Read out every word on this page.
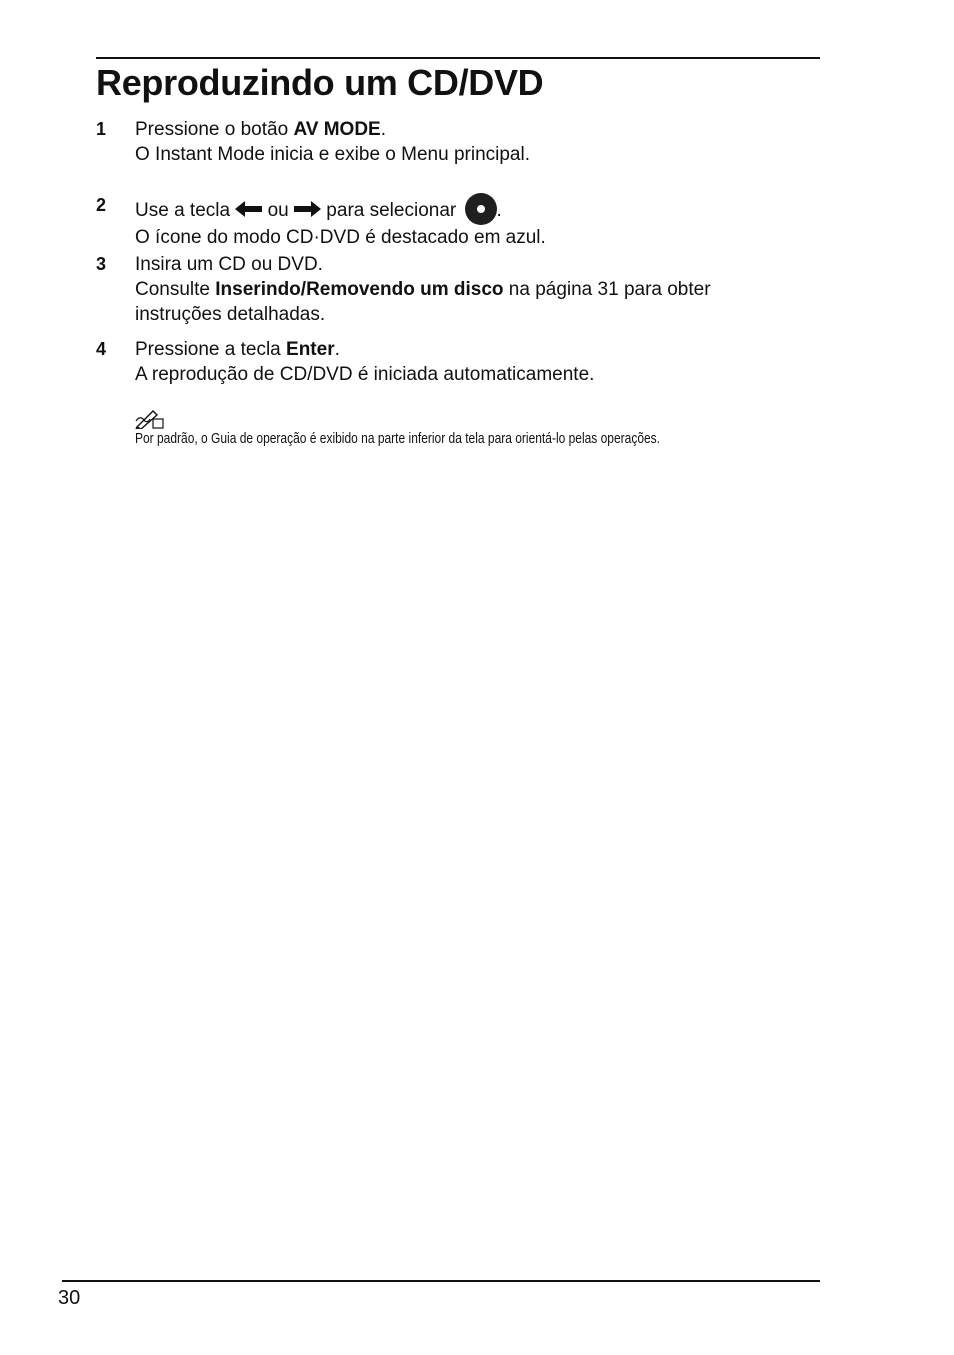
Reproduzindo um CD/DVD
1 Pressione o botão AV MODE.
O Instant Mode inicia e exibe o Menu principal.
2 Use a tecla  ou  para selecionar .
O ícone do modo CD·DVD é destacado em azul.
3 Insira um CD ou DVD.
Consulte Inserindo/Removendo um disco na página 31 para obter
instruções detalhadas.
4 Pressione a tecla Enter.
A reprodução de CD/DVD é iniciada automaticamente.
Por padrão, o Guia de operação é exibido na parte inferior da tela para orientá-lo pelas operações.
30
